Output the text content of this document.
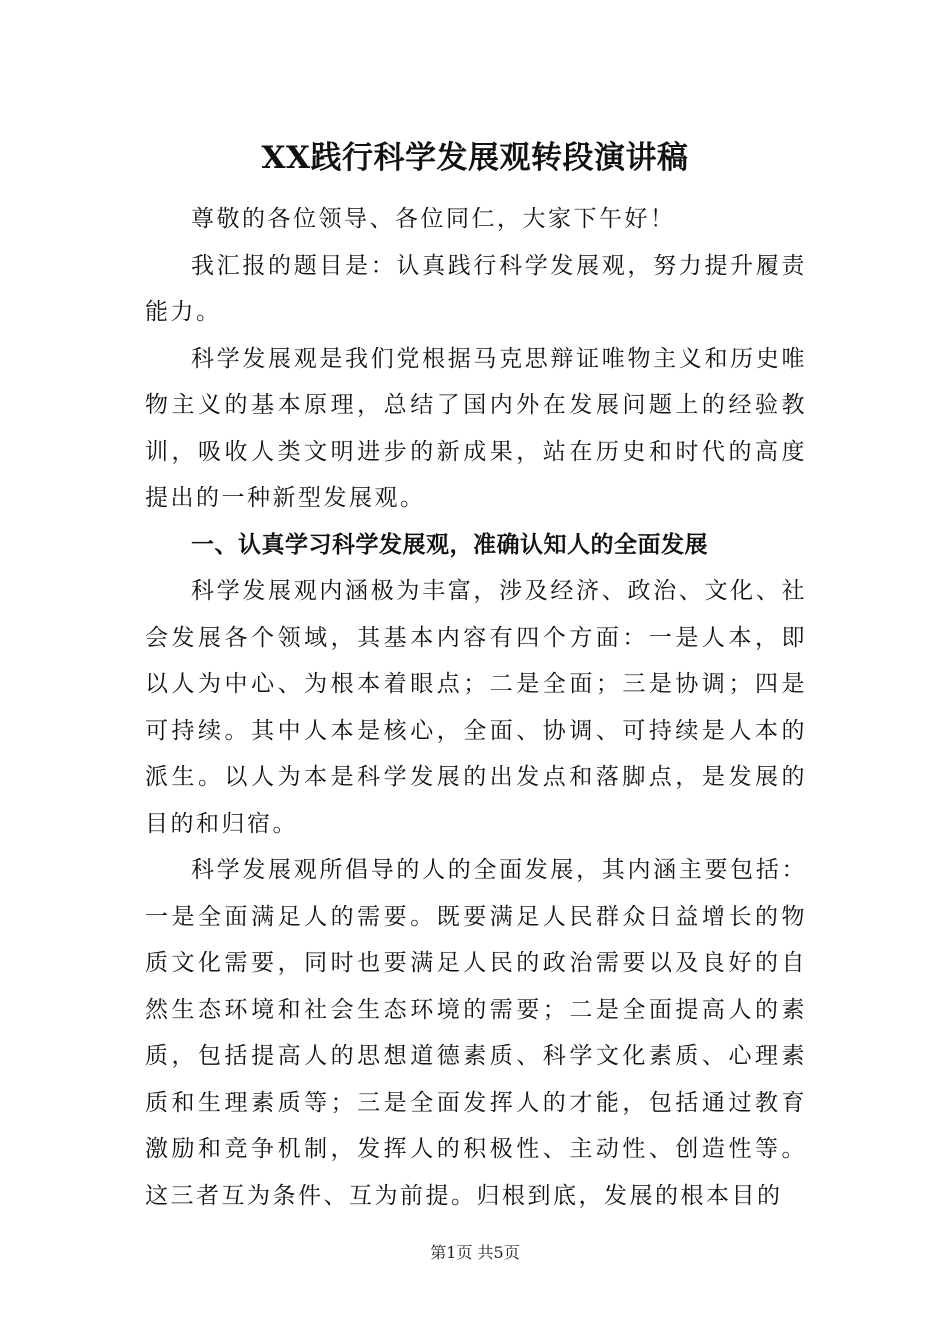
XX践行科学发展观转段演讲稿

尊敬的各位领导、各位同仁，大家下午好！

我汇报的题目是：认真践行科学发展观，努力提升履责能力。

科学发展观是我们党根据马克思辩证唯物主义和历史唯物主义的基本原理，总结了国内外在发展问题上的经验教训，吸收人类文明进步的新成果，站在历史和时代的高度提出的一种新型发展观。

一、认真学习科学发展观，准确认知人的全面发展

科学发展观内涵极为丰富，涉及经济、政治、文化、社会发展各个领域，其基本内容有四个方面：一是人本，即以人为中心、为根本着眼点；二是全面；三是协调；四是可持续。其中人本是核心，全面、协调、可持续是人本的派生。以人为本是科学发展的出发点和落脚点，是发展的目的和归宿。

科学发展观所倡导的人的全面发展，其内涵主要包括：一是全面满足人的需要。既要满足人民群众日益增长的物质文化需要，同时也要满足人民的政治需要以及良好的自然生态环境和社会生态环境的需要；二是全面提高人的素质，包括提高人的思想道德素质、科学文化素质、心理素质和生理素质等；三是全面发挥人的才能，包括通过教育激励和竞争机制，发挥人的积极性、主动性、创造性等。这三者互为条件、互为前提。归根到底，发展的根本目的

第1页 共5页
